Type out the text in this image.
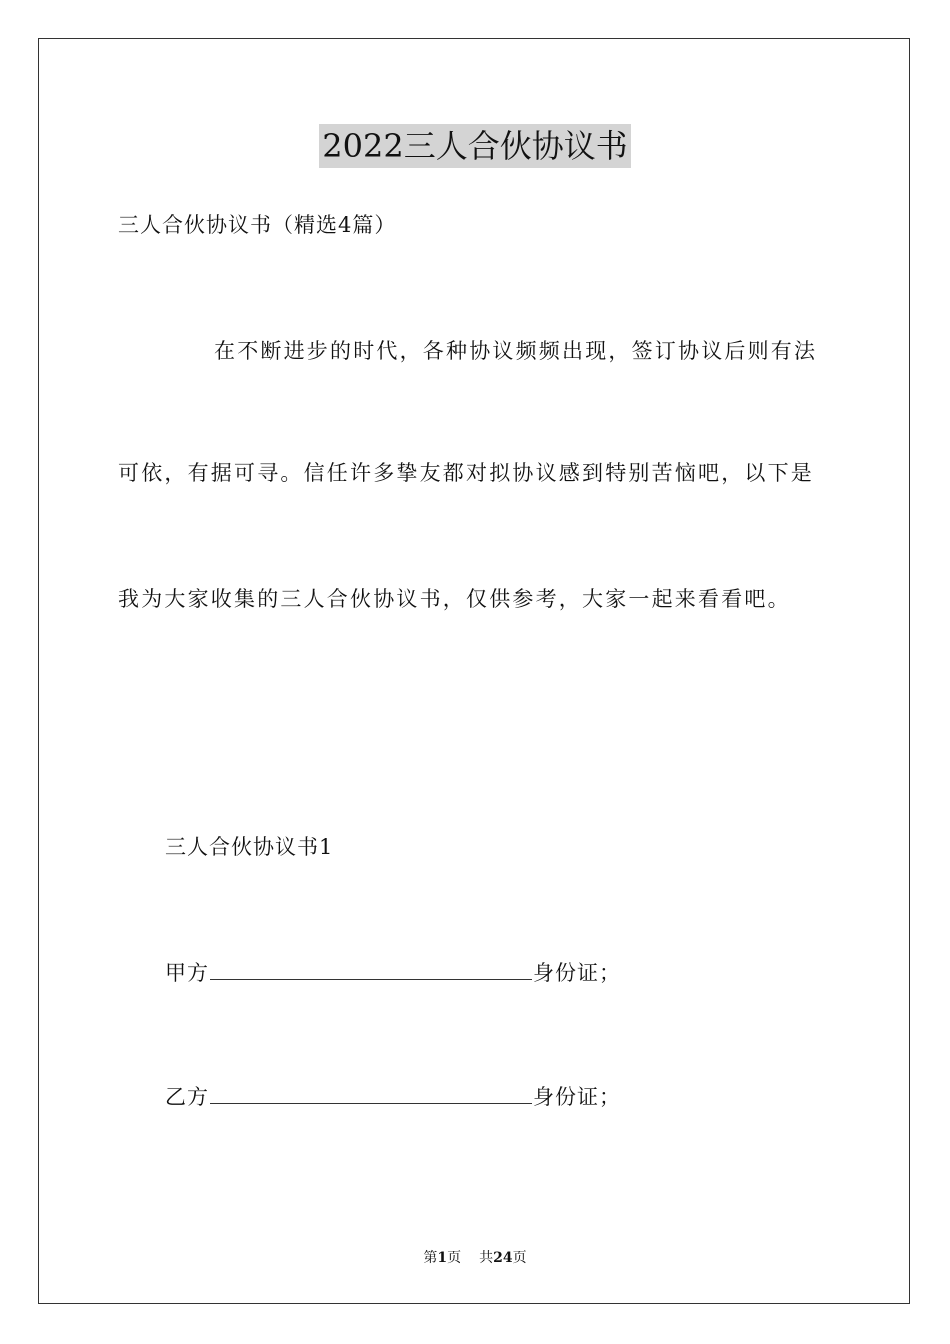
2022三人合伙协议书
三人合伙协议书（精选4篇）
在不断进步的时代，各种协议频频出现，签订协议后则有法
可依，有据可寻。信任许多挚友都对拟协议感到特别苦恼吧，以下是
我为大家收集的三人合伙协议书，仅供参考，大家一起来看看吧。
三人合伙协议书1
甲方	身份证；
乙方	身份证；
第1页 共24页
